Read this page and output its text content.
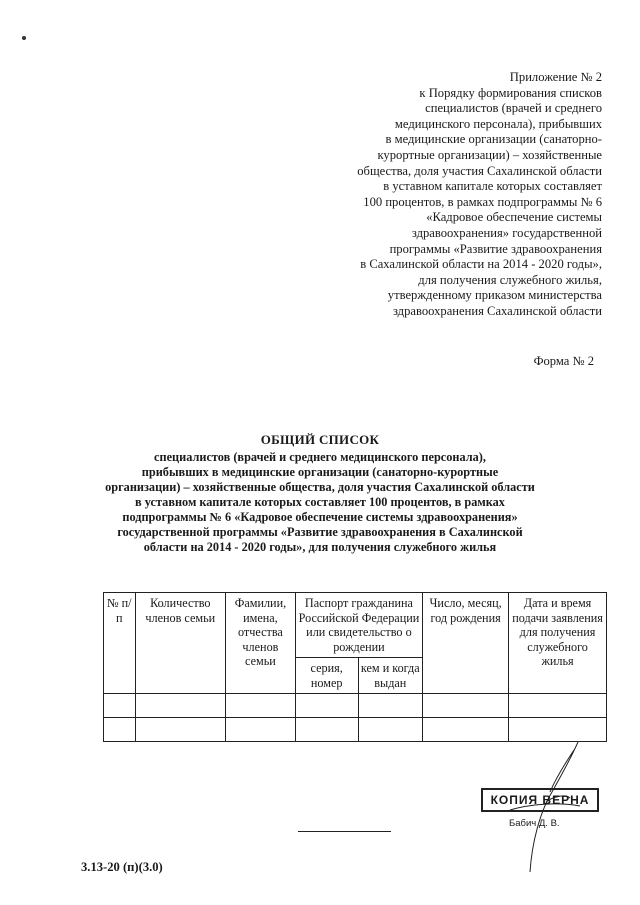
Приложение № 2
к Порядку формирования списков
специалистов (врачей и среднего
медицинского персонала), прибывших
в медицинские организации (санаторно-
курортные организации) – хозяйственные
общества, доля участия Сахалинской области
в уставном капитале которых составляет
100 процентов, в рамках подпрограммы № 6
«Кадровое обеспечение системы
здравоохранения» государственной
программы «Развитие здравоохранения
в Сахалинской области на 2014 - 2020 годы»,
для получения служебного жилья,
утвержденному приказом министерства
здравоохранения Сахалинской области
Форма № 2
ОБЩИЙ СПИСОК
специалистов (врачей и среднего медицинского персонала),
прибывших в медицинские организации (санаторно-курортные
организации) – хозяйственные общества, доля участия Сахалинской области
в уставном капитале которых составляет 100 процентов, в рамках
подпрограммы № 6 «Кадровое обеспечение системы здравоохранения»
государственной программы «Развитие здравоохранения в Сахалинской
области на 2014 - 2020 годы», для получения служебного жилья
№ п/п	Количество членов семьи	Фамилии, имена, отчества членов семьи	Паспорт гражданина Российской Федерации или свидетельство о рождении		Число, месяц, год рождения	Дата и время подачи заявления для получения служебного жилья
			серия, номер	кем и когда выдан		

КОПИЯ ВЕРНА
Бабич Д. В.
3.13-20 (п)(3.0)
